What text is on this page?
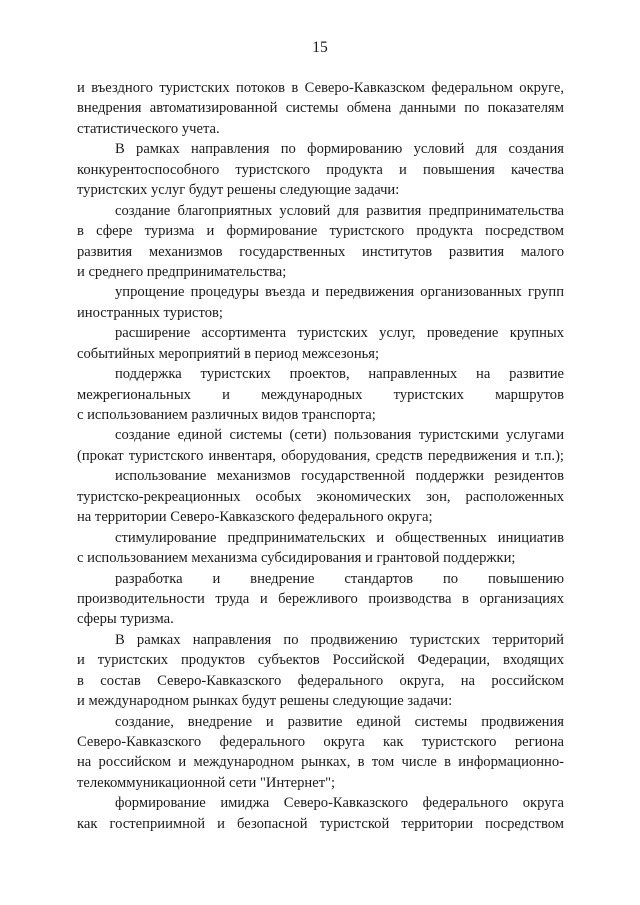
15
и въездного туристских потоков в Северо-Кавказском федеральном округе,
внедрения автоматизированной системы обмена данными по показателям
статистического учета.
В рамках направления по формированию условий для создания
конкурентоспособного туристского продукта и повышения качества
туристских услуг будут решены следующие задачи:
создание благоприятных условий для развития предпринимательства
в сфере туризма и формирование туристского продукта посредством
развития механизмов государственных институтов развития малого
и среднего предпринимательства;
упрощение процедуры въезда и передвижения организованных групп
иностранных туристов;
расширение ассортимента туристских услуг, проведение крупных
событийных мероприятий в период межсезонья;
поддержка туристских проектов, направленных на развитие
межрегиональных и международных туристских маршрутов
с использованием различных видов транспорта;
создание единой системы (сети) пользования туристскими услугами
(прокат туристского инвентаря, оборудования, средств передвижения и т.п.);
использование механизмов государственной поддержки резидентов
туристско-рекреационных особых экономических зон, расположенных
на территории Северо-Кавказского федерального округа;
стимулирование предпринимательских и общественных инициатив
с использованием механизма субсидирования и грантовой поддержки;
разработка и внедрение стандартов по повышению
производительности труда и бережливого производства в организациях
сферы туризма.
В рамках направления по продвижению туристских территорий
и туристских продуктов субъектов Российской Федерации, входящих
в состав Северо-Кавказского федерального округа, на российском
и международном рынках будут решены следующие задачи:
создание, внедрение и развитие единой системы продвижения
Северо-Кавказского федерального округа как туристского региона
на российском и международном рынках, в том числе в информационно-
телекоммуникационной сети "Интернет";
формирование имиджа Северо-Кавказского федерального округа
как гостеприимной и безопасной туристской территории посредством
